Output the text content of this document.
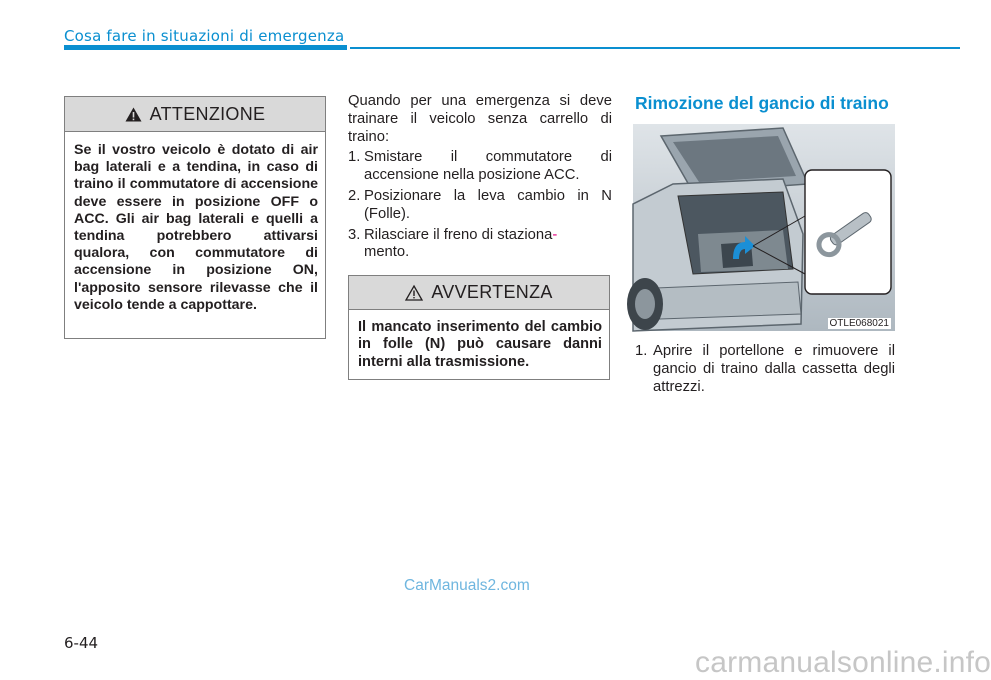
Cosa fare in situazioni di emergenza
ATTENZIONE
Se il vostro veicolo è dotato di air bag laterali e a tendina, in caso di traino il commutatore di accensione deve essere in posizione OFF o ACC. Gli air bag laterali e quelli a tendina potrebbero attivarsi qualora, con commutatore di accensione in posizione ON, l'apposito sensore rilevasse che il veicolo tende a cappottare.
Quando per una emergenza si deve trainare il veicolo senza carrello di traino:
1. Smistare il commutatore di accensione nella posizione ACC.
2. Posizionare la leva cambio in N (Folle).
3. Rilasciare il freno di staziona-
mento.
AVVERTENZA
Il mancato inserimento del cambio in folle (N) può causare danni interni alla trasmissione.
Rimozione del gancio di traino
OTLE068021
1. Aprire il portellone e rimuovere il gancio di traino dalla cassetta degli attrezzi.
6-44
CarManuals2.com
carmanualsonline.info
